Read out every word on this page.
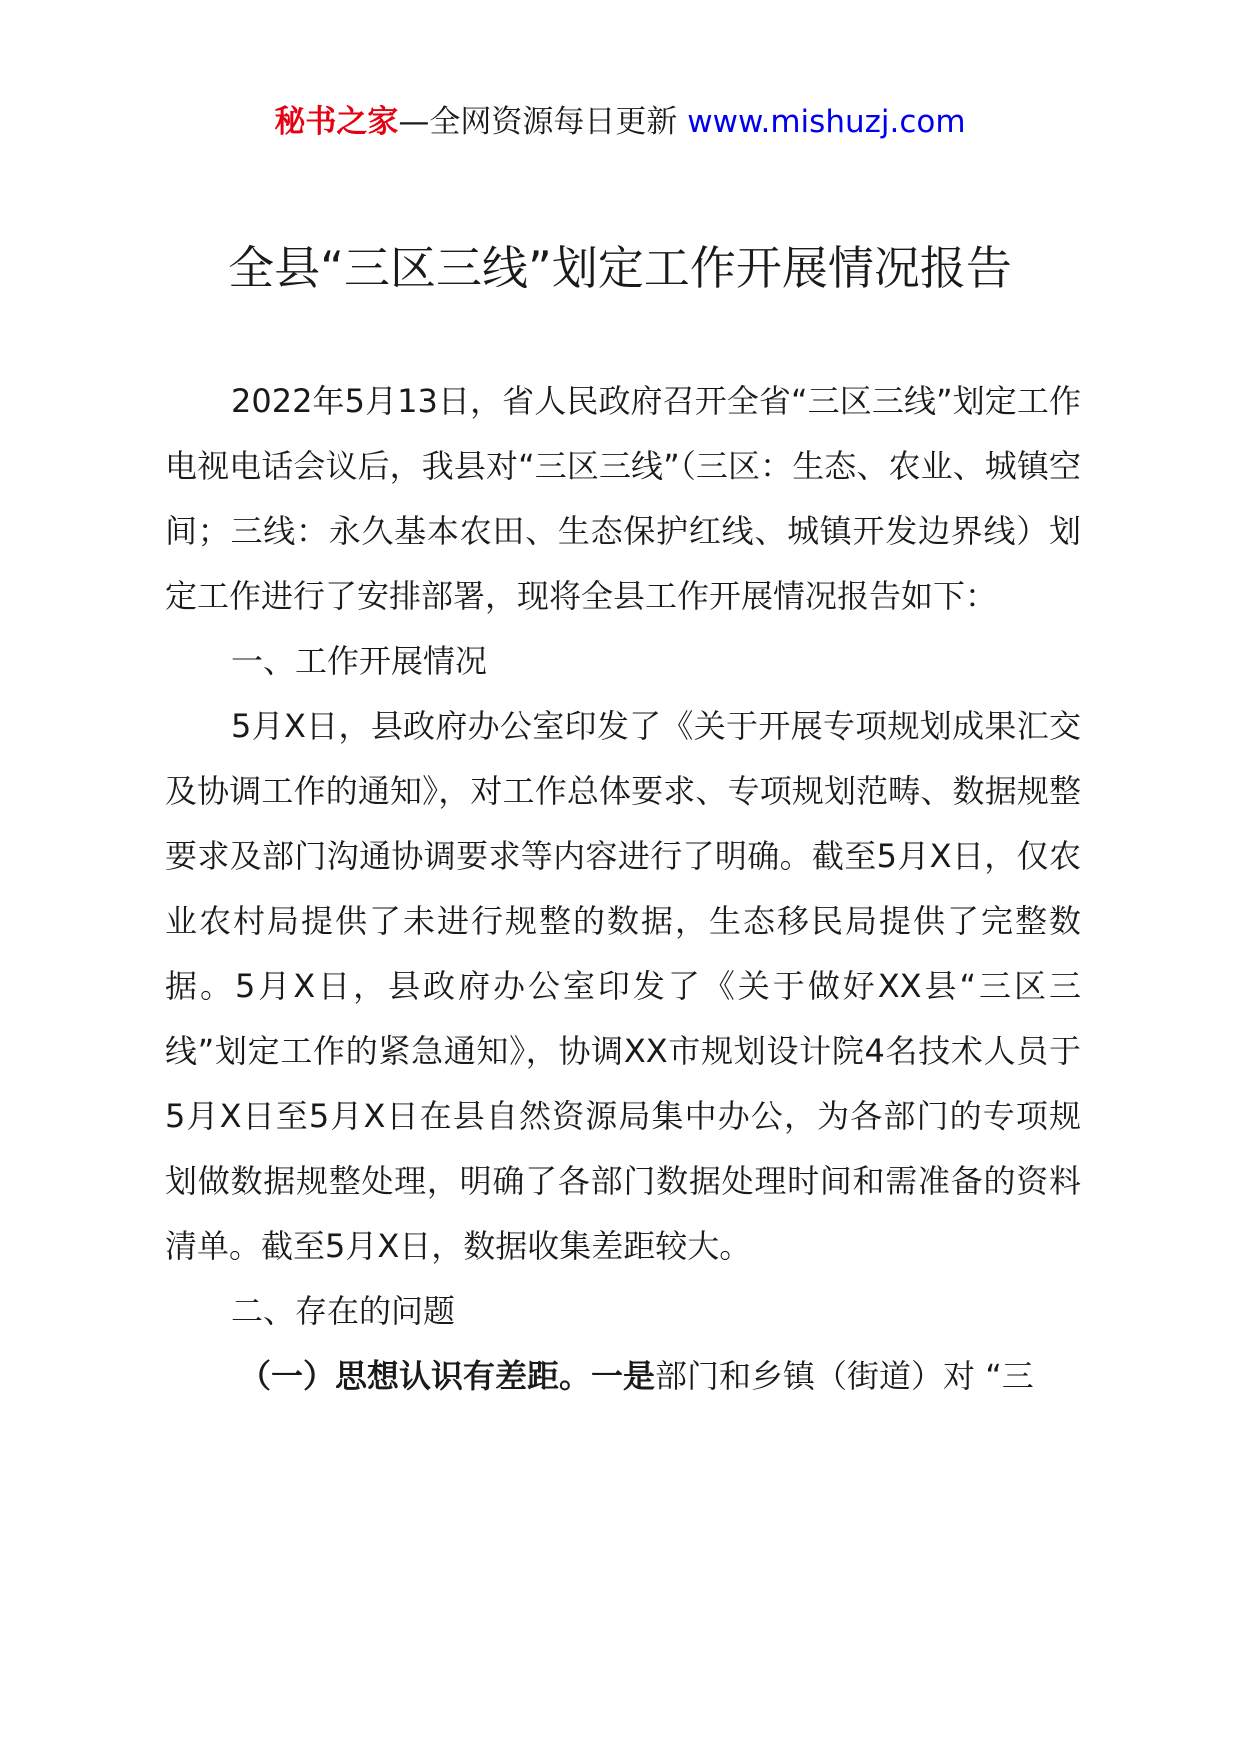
秘书之家—全网资源每日更新 www.mishuzj.com
全县“三区三线”划定工作开展情况报告

2022年5月13日，省人民政府召开全省“三区三线”划定工作电视电话会议后，我县对“三区三线”（三区：生态、农业、城镇空间；三线：永久基本农田、生态保护红线、城镇开发边界线）划定工作进行了安排部署，现将全县工作开展情况报告如下：

一、工作开展情况

5月X日，县政府办公室印发了《关于开展专项规划成果汇交及协调工作的通知》，对工作总体要求、专项规划范畴、数据规整要求及部门沟通协调要求等内容进行了明确。截至5月X日，仅农业农村局提供了未进行规整的数据，生态移民局提供了完整数据。5月X日，县政府办公室印发了《关于做好XX县“三区三线”划定工作的紧急通知》，协调XX市规划设计院4名技术人员于5月X日至5月X日在县自然资源局集中办公，为各部门的专项规划做数据规整处理，明确了各部门数据处理时间和需准备的资料清单。截至5月X日，数据收集差距较大。

二、存在的问题

（一）思想认识有差距。一是部门和乡镇（街道）对 “三
